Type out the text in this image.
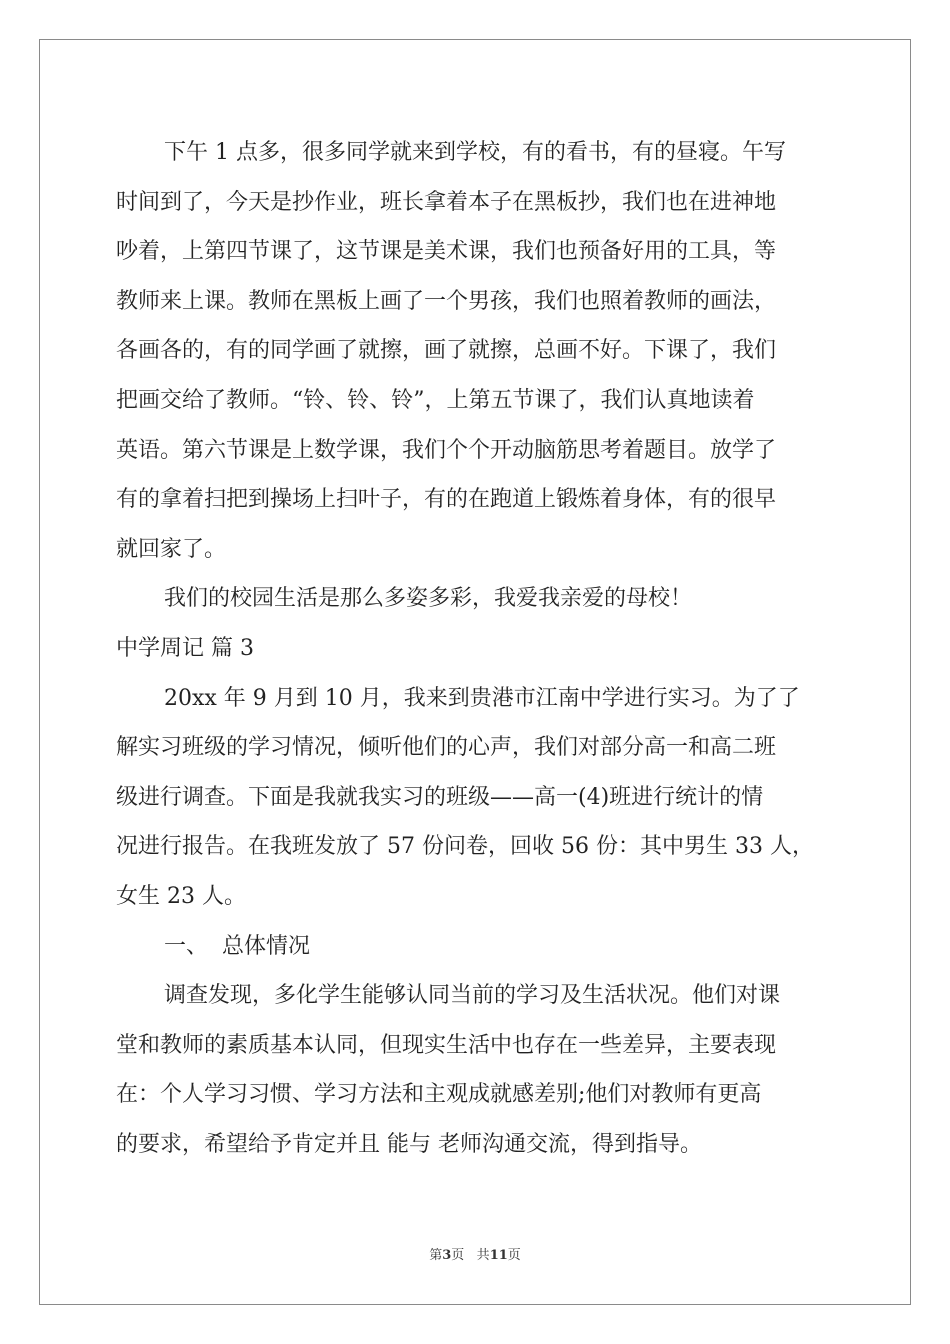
下午 1 点多，很多同学就来到学校，有的看书，有的昼寝。午写
时间到了，今天是抄作业，班长拿着本子在黑板抄，我们也在进神地
吵着，上第四节课了，这节课是美术课，我们也预备好用的工具，等
教师来上课。教师在黑板上画了一个男孩，我们也照着教师的画法，
各画各的，有的同学画了就擦，画了就擦，总画不好。下课了，我们
把画交给了教师。“铃、铃、铃”，上第五节课了，我们认真地读着
英语。第六节课是上数学课，我们个个开动脑筋思考着题目。放学了
有的拿着扫把到操场上扫叶子，有的在跑道上锻炼着身体，有的很早
就回家了。
我们的校园生活是那么多姿多彩，我爱我亲爱的母校！
中学周记 篇 3
20xx 年 9 月到 10 月，我来到贵港市江南中学进行实习。为了了
解实习班级的学习情况，倾听他们的心声，我们对部分高一和高二班
级进行调查。下面是我就我实习的班级——高一(4)班进行统计的情
况进行报告。在我班发放了 57 份问卷，回收 56 份：其中男生 33 人，
女生 23 人。
一、  总体情况
调查发现，多化学生能够认同当前的学习及生活状况。他们对课
堂和教师的素质基本认同，但现实生活中也存在一些差异，主要表现
在：个人学习习惯、学习方法和主观成就感差别;他们对教师有更高
的要求，希望给予肯定并且 能与 老师沟通交流，得到指导。
第3页 共11页
